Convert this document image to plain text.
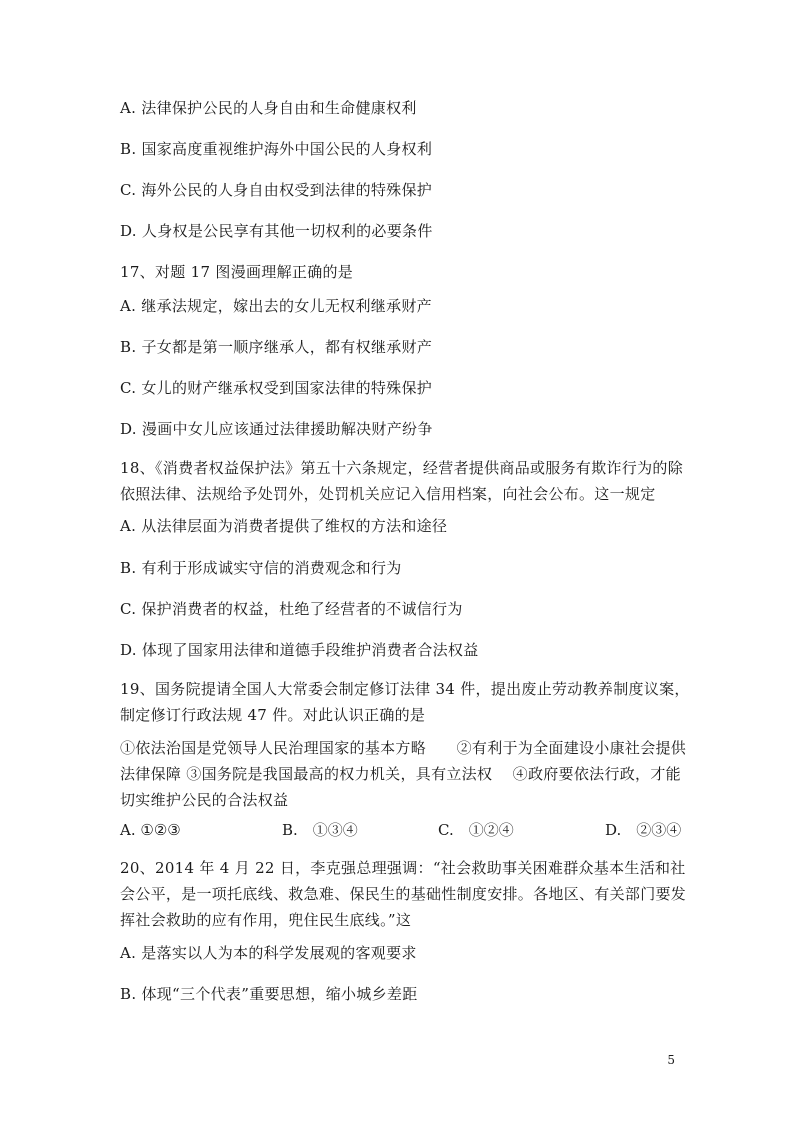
A. 法律保护公民的人身自由和生命健康权利
B. 国家高度重视维护海外中国公民的人身权利
C. 海外公民的人身自由权受到法律的特殊保护
D. 人身权是公民享有其他一切权利的必要条件
17、对题 17 图漫画理解正确的是
A. 继承法规定，嫁出去的女儿无权利继承财产
B. 子女都是第一顺序继承人，都有权继承财产
C. 女儿的财产继承权受到国家法律的特殊保护
D. 漫画中女儿应该通过法律援助解决财产纷争
18、《消费者权益保护法》第五十六条规定，经营者提供商品或服务有欺诈行为的除依照法律、法规给予处罚外，处罚机关应记入信用档案，向社会公布。这一规定
A. 从法律层面为消费者提供了维权的方法和途径
B. 有利于形成诚实守信的消费观念和行为
C. 保护消费者的权益，杜绝了经营者的不诚信行为
D. 体现了国家用法律和道德手段维护消费者合法权益
19、国务院提请全国人大常委会制定修订法律 34 件，提出废止劳动教养制度议案，制定修订行政法规 47 件。对此认识正确的是
①依法治国是党领导人民治理国家的基本方略　　②有利于为全面建设小康社会提供法律保障 ③国务院是我国最高的权力机关，具有立法权　 ④政府要依法行政，才能切实维护公民的合法权益
A. ①②③	B.　①③④	C.　①②④	D.　②③④
20、2014 年 4 月 22 日，李克强总理强调：“社会救助事关困难群众基本生活和社会公平，是一项托底线、救急难、保民生的基础性制度安排。各地区、有关部门要发挥社会救助的应有作用，兜住民生底线。”这
A. 是落实以人为本的科学发展观的客观要求
B. 体现“三个代表”重要思想，缩小城乡差距
5
